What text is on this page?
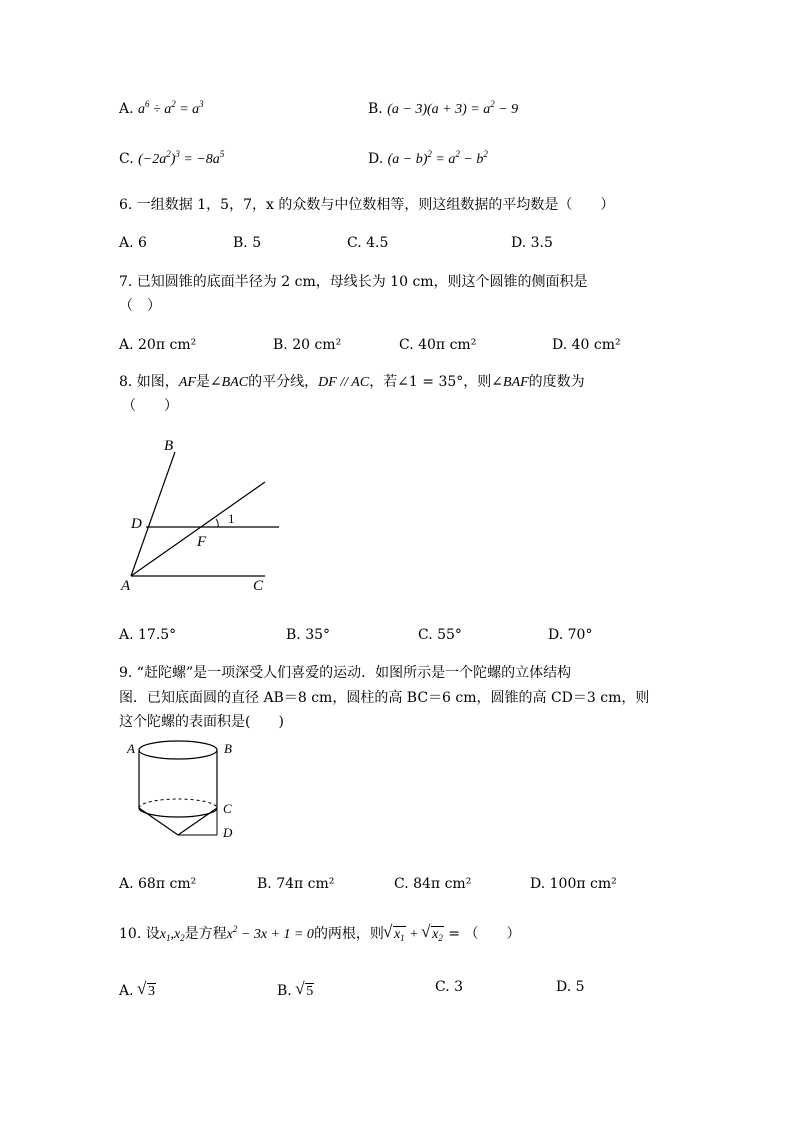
A. $a^6 \div a^2 = a^3$	B. $(a - 3)(a + 3) = a^2 - 9$
C. $(-2a^2)^3 = -8a^5$	D. $(a - b)^2 = a^2 - b^2$
6. 一组数据 1，5，7，x 的众数与中位数相等，则这组数据的平均数是（　　）
A. 6	B. 5	C. 4.5	D. 3.5
7. 已知圆锥的底面半径为 2 cm，母线长为 10 cm，则这个圆锥的侧面积是
（　）
A. 20π cm²	B. 20 cm²	C. 40π cm²	D. 40 cm²
8. 如图，AF是∠BAC的平分线，DF // AC，若∠1 = 35°，则∠BAF的度数为
（　　）
B
D
F
A	C
1
A. 17.5°	B. 35°	C. 55°	D. 70°
9. “赶陀螺”是一项深受人们喜爱的运动．如图所示是一个陀螺的立体结构
图．已知底面圆的直径 AB＝8 cm，圆柱的高 BC＝6 cm，圆锥的高 CD＝3 cm，则
这个陀螺的表面积是(　　)
A	B
C
D
A. 68π cm²	B. 74π cm²	C. 84π cm²	D. 100π cm²
10. 设$x_1,x_2$是方程$x^2 - 3x + 1 = 0$的两根，则 √ $x_1$ + √ $x_2$ = （　　）
A. √ 3	B. √ 5	C. 3	D. 5
